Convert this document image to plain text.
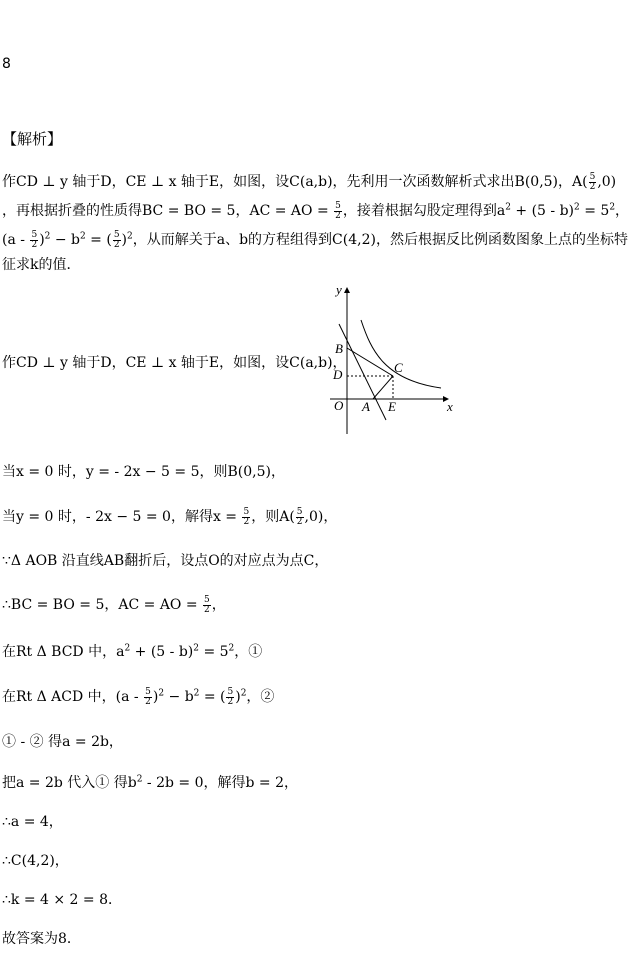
8
【解析】
作CD ⊥ y 轴于D，CE ⊥ x 轴于E，如图，设C(a,b)，先利用一次函数解析式求出B(0,5)，$A( \frac{5}{2} ,0)$
，再根据折叠的性质得BC = BO = 5，AC = AO = $\frac{5}{2}$ ，接着根据勾股定理得到$a^2 + (5 - b)^2 = 5^2$，
$(a - \frac{5}{2} )^2 - b^2$ = ( $\frac{5}{2} )^2$，从而解关于a、b的方程组得到C(4,2)，然后根据反比例函数图象上点的坐标特
征求k的值．
作CD ⊥ y 轴于D，CE ⊥ x 轴于E，如图，设C(a,b)，
y
x
B
C
D
O A E
当x = 0 时，y = - 2x − 5 = 5，则B(0,5)，
当y = 0 时，- 2x − 5 = 0，解得$x = \frac{5}{2}$ ，则$A( \frac{5}{2} ,0)$，
∵Δ AOB 沿直线AB翻折后，设点O的对应点为点C，
∴BC = BO = 5，AC = AO = $\frac{5}{2}$ ，
在Rt Δ BCD 中，$a^2 + (5 - b)^2 = 5^2$，①
在Rt Δ ACD 中，$(a - \frac{5}{2} )^2 - b^2$ = ( $\frac{5}{2} )^2$，②
① - ② 得a = 2b，
把a = 2b 代入① 得$b^2 - 2b = 0$，解得b = 2，
∴a = 4，
∴C(4,2)，
∴k = 4 × 2 = 8．
故答案为8．
